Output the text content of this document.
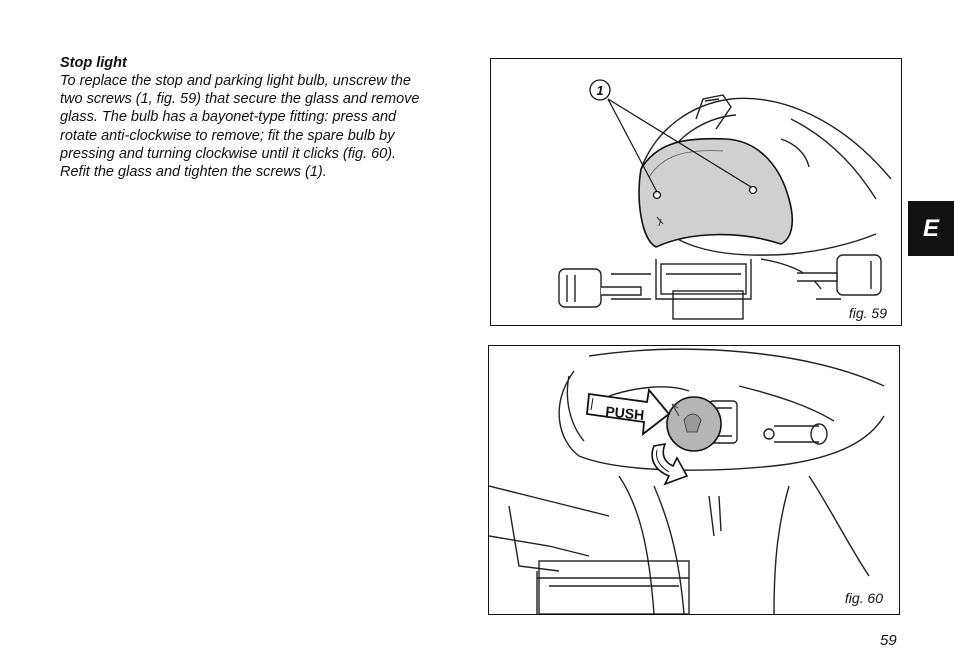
Stop light
To replace the stop and parking light bulb, unscrew the
two screws (1, fig. 59) that secure the glass and remove
glass. The bulb has a bayonet-type fitting: press and
rotate anti-clockwise to remove; fit the spare bulb by
pressing and turning clockwise until it clicks (fig. 60).
Refit the glass and tighten the screws (1).
1
fig. 59
PUSH
fig. 60
E
59
